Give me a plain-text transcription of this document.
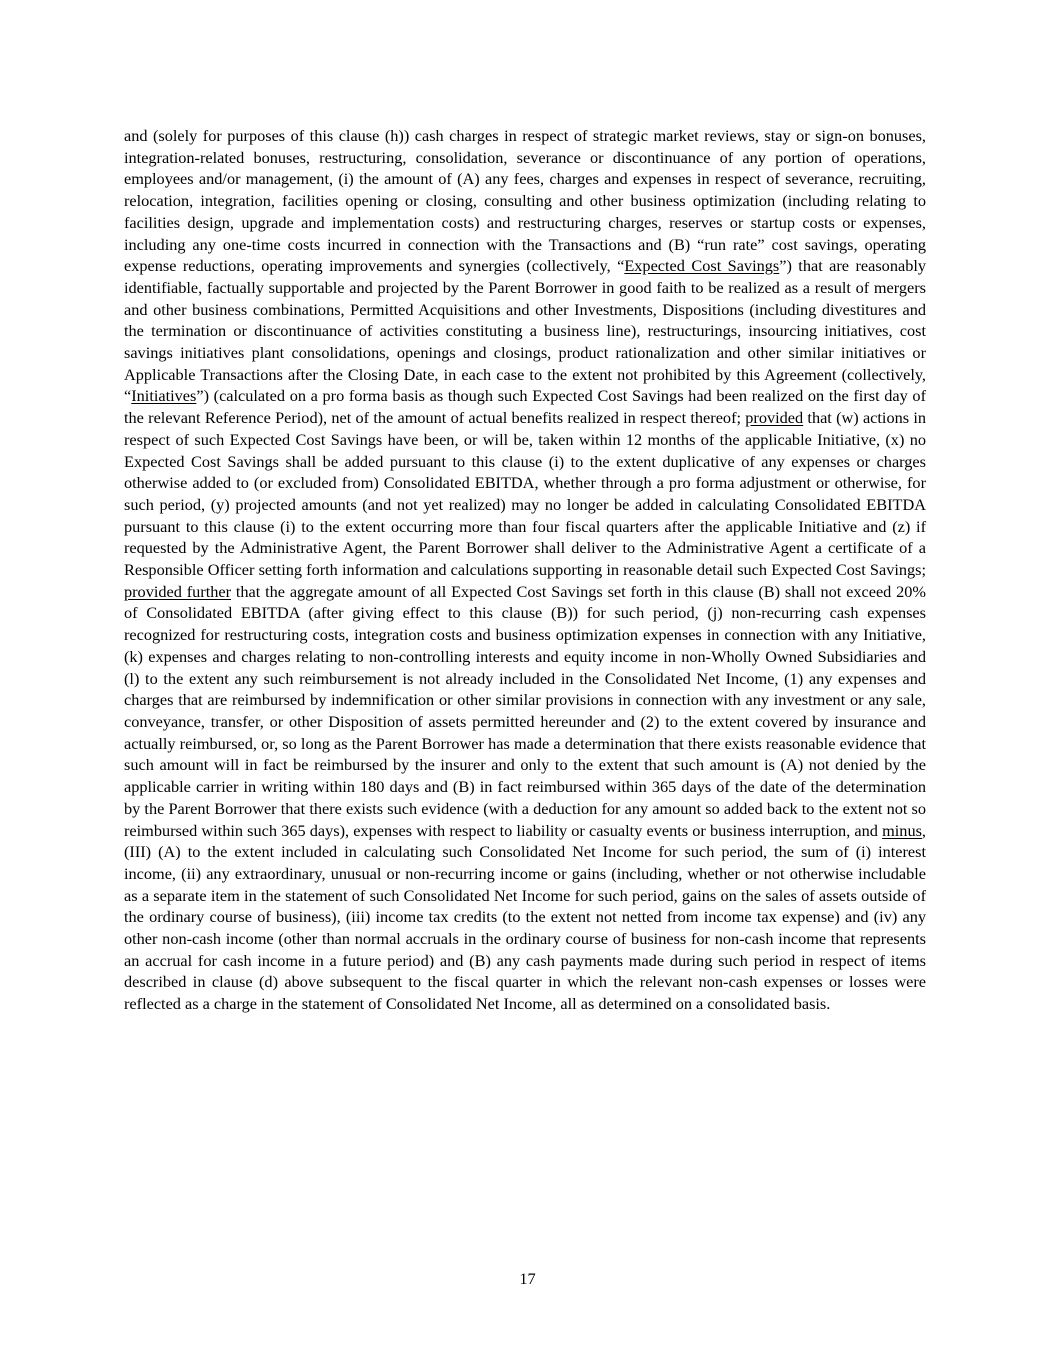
and (solely for purposes of this clause (h)) cash charges in respect of strategic market reviews, stay or sign-on bonuses, integration-related bonuses, restructuring, consolidation, severance or discontinuance of any portion of operations, employees and/or management, (i) the amount of (A) any fees, charges and expenses in respect of severance, recruiting, relocation, integration, facilities opening or closing, consulting and other business optimization (including relating to facilities design, upgrade and implementation costs) and restructuring charges, reserves or startup costs or expenses, including any one-time costs incurred in connection with the Transactions and (B) “run rate” cost savings, operating expense reductions, operating improvements and synergies (collectively, “Expected Cost Savings”) that are reasonably identifiable, factually supportable and projected by the Parent Borrower in good faith to be realized as a result of mergers and other business combinations, Permitted Acquisitions and other Investments, Dispositions (including divestitures and the termination or discontinuance of activities constituting a business line), restructurings, insourcing initiatives, cost savings initiatives plant consolidations, openings and closings, product rationalization and other similar initiatives or Applicable Transactions after the Closing Date, in each case to the extent not prohibited by this Agreement (collectively, “Initiatives”) (calculated on a pro forma basis as though such Expected Cost Savings had been realized on the first day of the relevant Reference Period), net of the amount of actual benefits realized in respect thereof; provided that (w) actions in respect of such Expected Cost Savings have been, or will be, taken within 12 months of the applicable Initiative, (x) no Expected Cost Savings shall be added pursuant to this clause (i) to the extent duplicative of any expenses or charges otherwise added to (or excluded from) Consolidated EBITDA, whether through a pro forma adjustment or otherwise, for such period, (y) projected amounts (and not yet realized) may no longer be added in calculating Consolidated EBITDA pursuant to this clause (i) to the extent occurring more than four fiscal quarters after the applicable Initiative and (z) if requested by the Administrative Agent, the Parent Borrower shall deliver to the Administrative Agent a certificate of a Responsible Officer setting forth information and calculations supporting in reasonable detail such Expected Cost Savings; provided further that the aggregate amount of all Expected Cost Savings set forth in this clause (B) shall not exceed 20% of Consolidated EBITDA (after giving effect to this clause (B)) for such period, (j) non-recurring cash expenses recognized for restructuring costs, integration costs and business optimization expenses in connection with any Initiative, (k) expenses and charges relating to non-controlling interests and equity income in non-Wholly Owned Subsidiaries and (l) to the extent any such reimbursement is not already included in the Consolidated Net Income, (1) any expenses and charges that are reimbursed by indemnification or other similar provisions in connection with any investment or any sale, conveyance, transfer, or other Disposition of assets permitted hereunder and (2) to the extent covered by insurance and actually reimbursed, or, so long as the Parent Borrower has made a determination that there exists reasonable evidence that such amount will in fact be reimbursed by the insurer and only to the extent that such amount is (A) not denied by the applicable carrier in writing within 180 days and (B) in fact reimbursed within 365 days of the date of the determination by the Parent Borrower that there exists such evidence (with a deduction for any amount so added back to the extent not so reimbursed within such 365 days), expenses with respect to liability or casualty events or business interruption, and minus, (III) (A) to the extent included in calculating such Consolidated Net Income for such period, the sum of (i) interest income, (ii) any extraordinary, unusual or non-recurring income or gains (including, whether or not otherwise includable as a separate item in the statement of such Consolidated Net Income for such period, gains on the sales of assets outside of the ordinary course of business), (iii) income tax credits (to the extent not netted from income tax expense) and (iv) any other non-cash income (other than normal accruals in the ordinary course of business for non-cash income that represents an accrual for cash income in a future period) and (B) any cash payments made during such period in respect of items described in clause (d) above subsequent to the fiscal quarter in which the relevant non-cash expenses or losses were reflected as a charge in the statement of Consolidated Net Income, all as determined on a consolidated basis.

17
